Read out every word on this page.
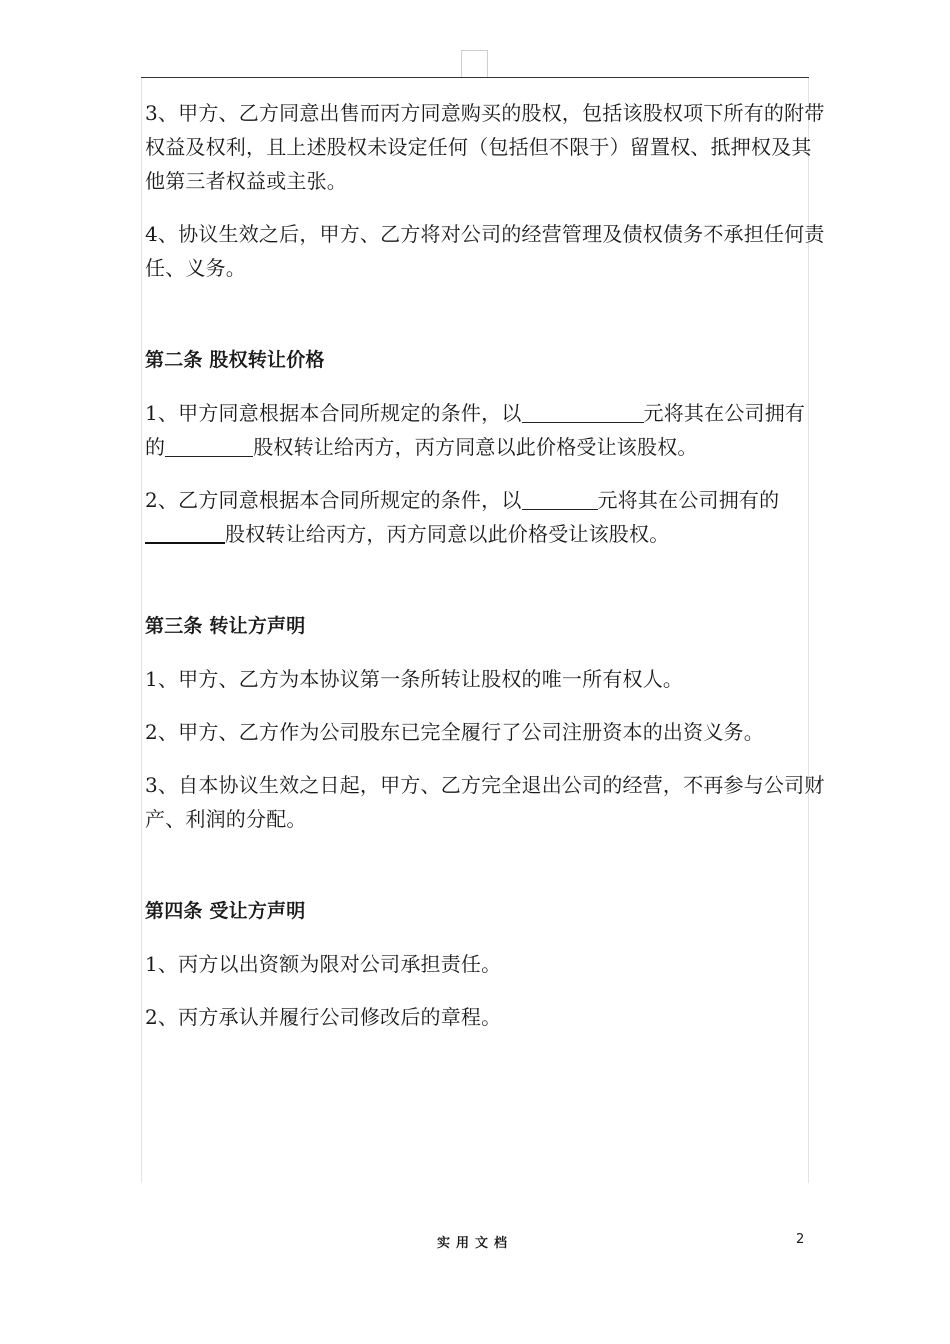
3、甲方、乙方同意出售而丙方同意购买的股权，包括该股权项下所有的附带权益及权利，且上述股权未设定任何（包括但不限于）留置权、抵押权及其他第三者权益或主张。

4、协议生效之后，甲方、乙方将对公司的经营管理及债权债务不承担任何责任、义务。

第二条 股权转让价格

1、甲方同意根据本合同所规定的条件，以	元将其在公司拥有的	股权转让给丙方，丙方同意以此价格受让该股权。

2、乙方同意根据本合同所规定的条件，以	元将其在公司拥有的股权转让给丙方，丙方同意以此价格受让该股权。

第三条 转让方声明

1、甲方、乙方为本协议第一条所转让股权的唯一所有权人。

2、甲方、乙方作为公司股东已完全履行了公司注册资本的出资义务。

3、自本协议生效之日起，甲方、乙方完全退出公司的经营，不再参与公司财产、利润的分配。

第四条 受让方声明

1、丙方以出资额为限对公司承担责任。

2、丙方承认并履行公司修改后的章程。

实用文档	2
